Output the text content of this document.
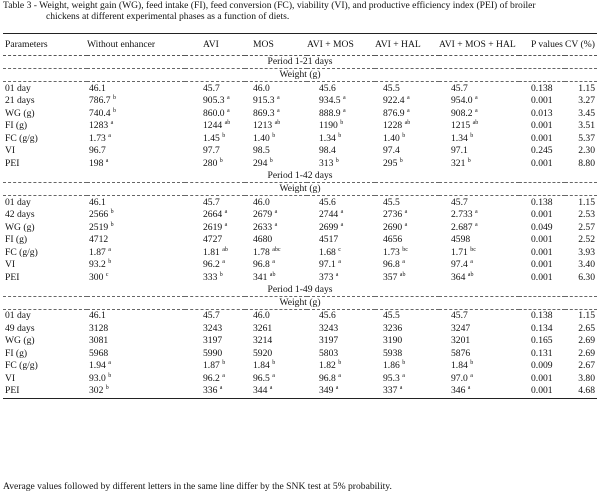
Table 3 - Weight, weight gain (WG), feed intake (FI), feed conversion (FC), viability (VI), and productive efficiency index (PEI) of broiler
chickens at different experimental phases as a function of diets.
Parameters	Without enhancer	AVI	MOS	AVI + MOS	AVI + HAL	AVI + MOS + HAL	P values	CV (%)
Period 1-21 days								
Weight (g)								
01 day	46.1	45.7	46.0	45.6	45.5	45.7	0.138	1.15
21 days	786.7 $^b$	905.3 $^a$	915.3 $^a$	934.5 $^a$	922.4 $^a$	954.0 $^a$	0.001	3.27
WG (g)	740.4 $^b$	860.0 $^a$	869.3 $^a$	888.9 $^a$	876.9 $^a$	908.2 $^a$	0.013	3.45
FI (g)	1283 $^a$	1244 $^{ab}$	1213 $^{ab}$	1190 $^b$	1228 $^{ab}$	1215 $^{ab}$	0.001	3.51
FC (g/g)	1.73 $^a$	1.45 $^b$	1.40 $^b$	1.34 $^b$	1.40 $^b$	1.34 $^b$	0.001	5.37
VI	96.7	97.7	98.5	98.4	97.4	97.1	0.245	2.30
PEI	198 $^a$	280 $^b$	294 $^b$	313 $^b$	295 $^b$	321 $^b$	0.001	8.80
Period 1-42 days								
Weight (g)								
01 day	46.1	45.7	46.0	45.6	45.5	45.7	0.138	1.15
42 days	2566 $^b$	2664 $^a$	2679 $^a$	2744 $^a$	2736 $^a$	2.733 $^a$	0.001	2.53
WG (g)	2519 $^b$	2619 $^a$	2633 $^a$	2699 $^a$	2690 $^a$	2.687 $^a$	0.049	2.57
FI (g)	4712	4727	4680	4517	4656	4598	0.001	2.52
FC (g/g)	1.87 $^a$	1.81 $^{ab}$	1.78 $^{abc}$	1.68 $^c$	1.73 $^{bc}$	1.71 $^{bc}$	0.001	3.93
VI	93.2 $^b$	96.2 $^a$	96.8 $^a$	97.1 $^a$	96.8 $^a$	97.4 $^a$	0.001	3.40
PEI	300 $^c$	333 $^b$	341 $^{ab}$	373 $^a$	357 $^{ab}$	364 $^{ab}$	0.001	6.30
Period 1-49 days								
Weight (g)								
01 day	46.1	45.7	46.0	45.6	45.5	45.7	0.138	1.15
49 days	3128	3243	3261	3243	3236	3247	0.134	2.65
WG (g)	3081	3197	3214	3197	3190	3201	0.165	2.69
FI (g)	5968	5990	5920	5803	5938	5876	0.131	2.69
FC (g/g)	1.94 $^a$	1.87 $^b$	1.84 $^b$	1.82 $^b$	1.86 $^b$	1.84 $^b$	0.009	2.67
VI	93.0 $^b$	96.2 $^a$	96.5 $^a$	96.8 $^a$	95.3 $^a$	97.0 $^a$	0.001	3.80
PEI	302 $^b$	336 $^a$	344 $^a$	349 $^a$	337 $^a$	346 $^a$	0.001	4.68
Average values followed by different letters in the same line differ by the SNK test at 5% probability.
